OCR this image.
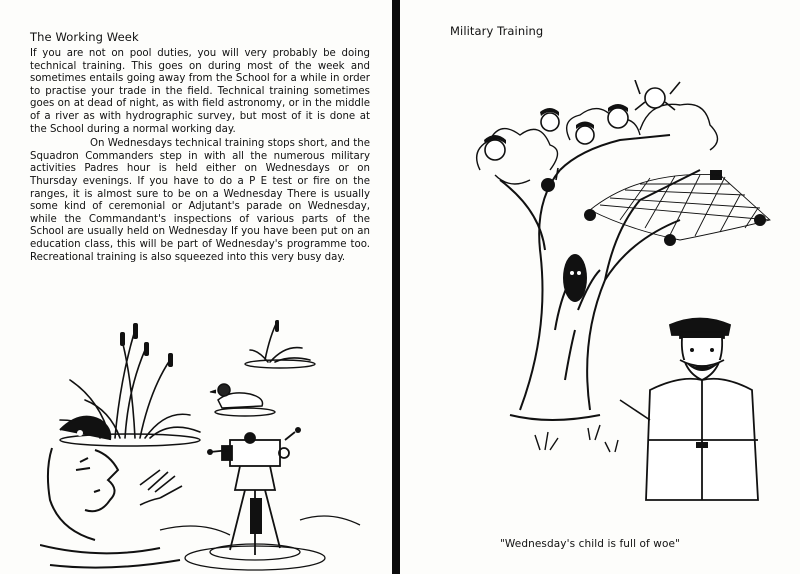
The Working Week

If you are not on pool duties, you will very probably be doing technical training. This goes on during most of the week and sometimes entails going away from the School for a while in order to practise your trade in the field. Technical training sometimes goes on at dead of night, as with field astronomy, or in the middle of a river as with hydrographic survey, but most of it is done at the School during a normal working day.

On Wednesdays technical training stops short, and the Squadron Commanders step in with all the numerous military activities Padres hour is held either on Wednesdays or on Thursday evenings. If you have to do a P E test or fire on the ranges, it is almost sure to be on a Wednesday There is usually some kind of ceremonial or Adjutant's parade on Wednesday, while the Commandant's inspections of various parts of the School are usually held on Wednesday If you have been put on an education class, this will be part of Wednesday's programme too. Recreational training is also squeezed into this very busy day.

Military Training
"Wednesday's child is full of woe"
